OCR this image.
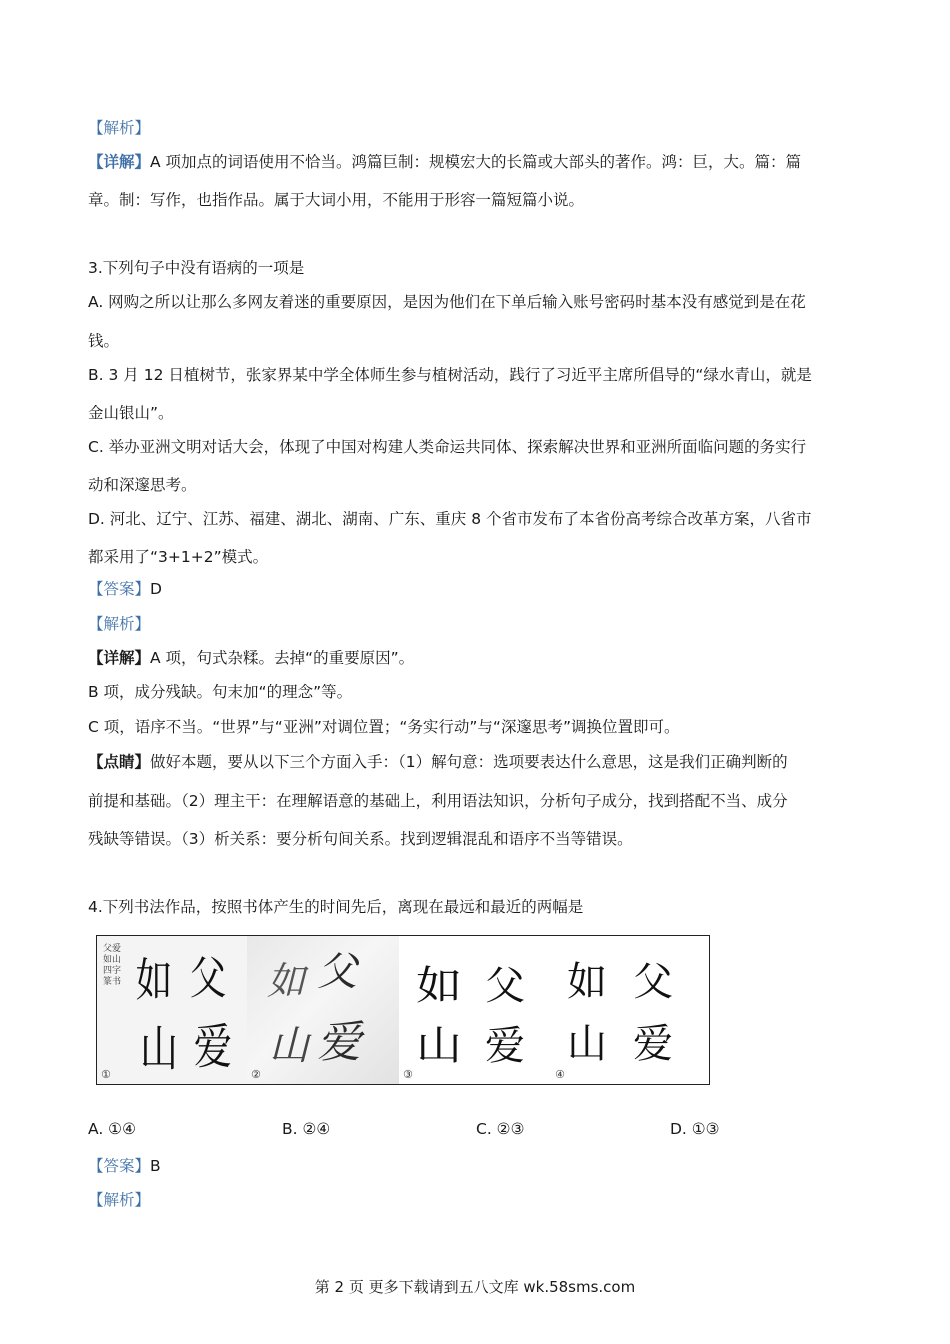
【解析】
【详解】A 项加点的词语使用不恰当。鸿篇巨制：规模宏大的长篇或大部头的著作。鸿：巨，大。篇：篇
章。制：写作，也指作品。属于大词小用，不能用于形容一篇短篇小说。
3.下列句子中没有语病的一项是
A. 网购之所以让那么多网友着迷的重要原因，是因为他们在下单后输入账号密码时基本没有感觉到是在花
钱。
B. 3 月 12 日植树节，张家界某中学全体师生参与植树活动，践行了习近平主席所倡导的“绿水青山，就是
金山银山”。
C. 举办亚洲文明对话大会，体现了中国对构建人类命运共同体、探索解决世界和亚洲所面临问题的务实行
动和深邃思考。
D. 河北、辽宁、江苏、福建、湖北、湖南、广东、重庆 8 个省市发布了本省份高考综合改革方案，八省市
都采用了“3+1+2”模式。
【答案】D
【解析】
【详解】A 项，句式杂糅。去掉“的重要原因”。
B 项，成分残缺。句末加“的理念”等。
C 项，语序不当。“世界”与“亚洲”对调位置；“务实行动”与“深邃思考”调换位置即可。
【点睛】做好本题，要从以下三个方面入手：（1）解句意：选项要表达什么意思，这是我们正确判断的
前提和基础。（2）理主干：在理解语意的基础上，利用语法知识，分析句子成分，找到搭配不当、成分
残缺等错误。（3）析关系：要分析句间关系。找到逻辑混乱和语序不当等错误。
4.下列书法作品，按照书体产生的时间先后，离现在最远和最近的两幅是
父爱如山 四字篆书 父
爱
如
山
①
父
爱
如
山
②
父
爱
如
山
③
父
爱
如
山
④
A. ①④	B. ②④	C. ②③	D. ①③
【答案】B
【解析】
第 2 页 更多下载请到五八文库 wk.58sms.com
